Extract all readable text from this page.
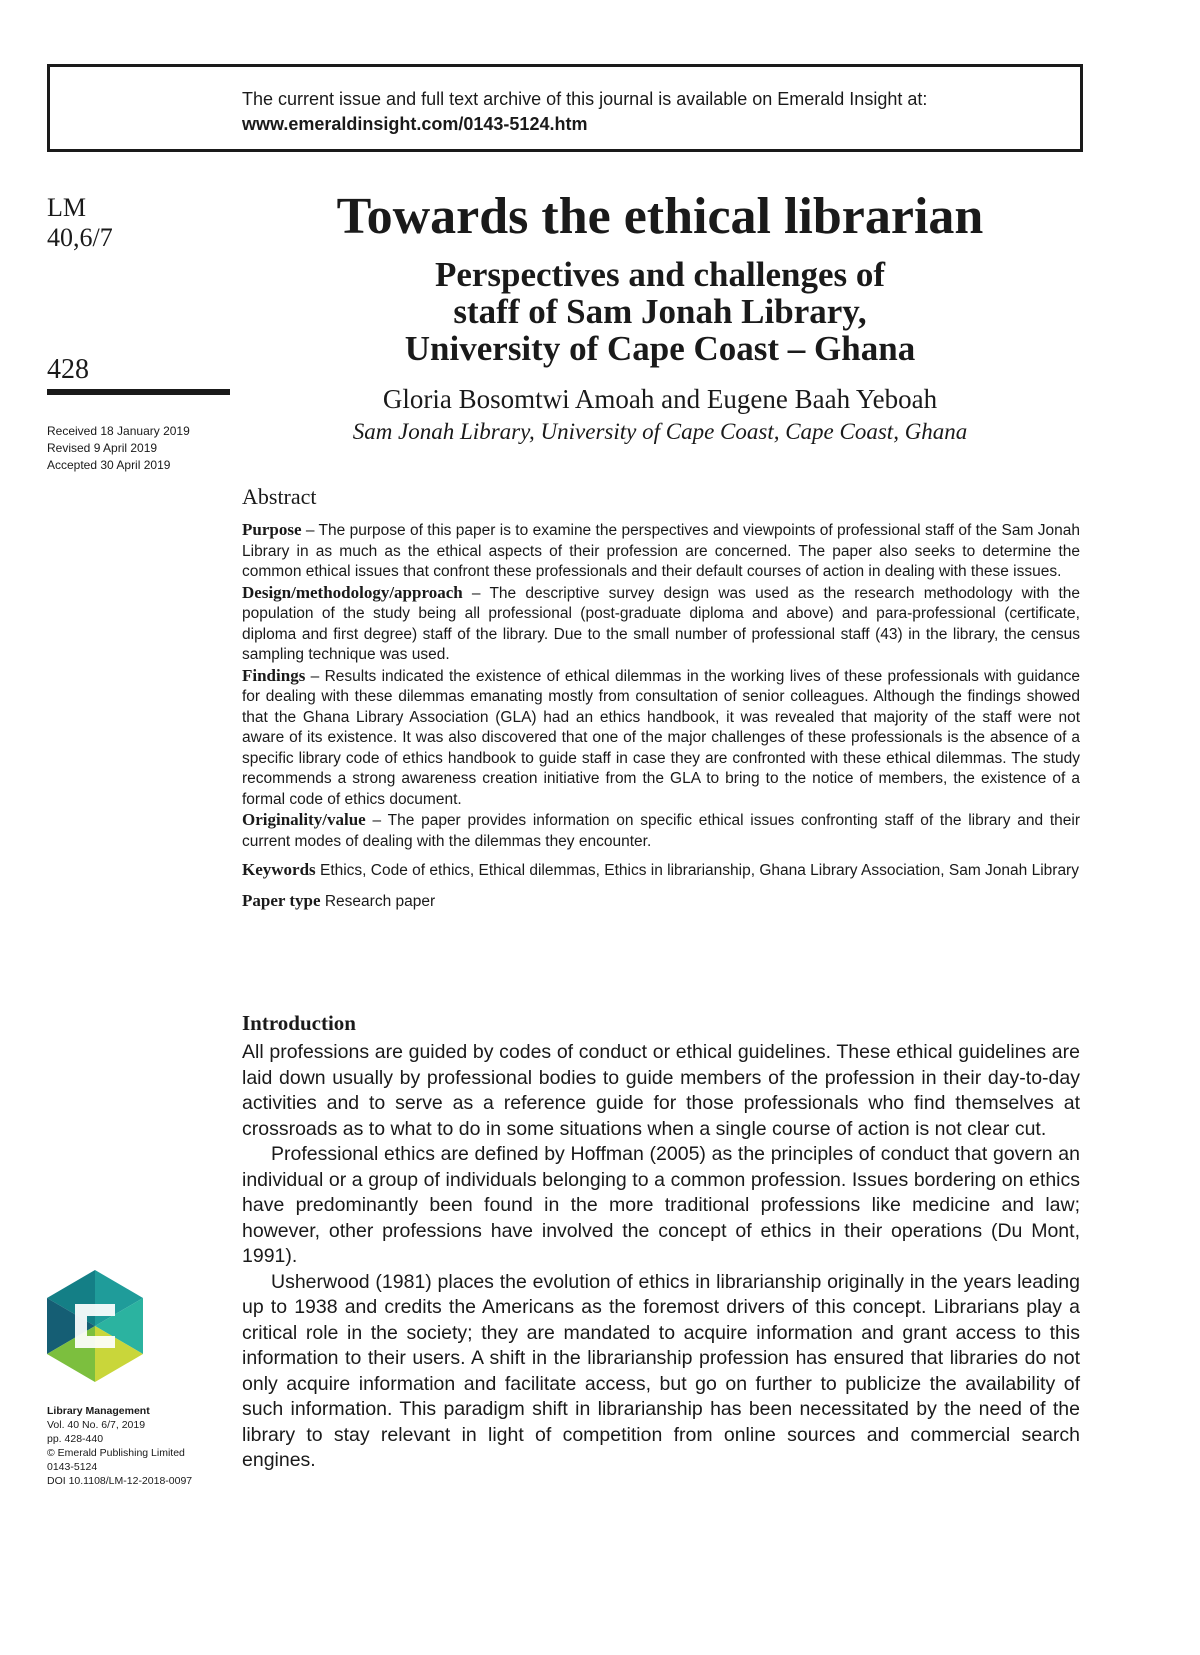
The current issue and full text archive of this journal is available on Emerald Insight at:
www.emeraldinsight.com/0143-5124.htm
LM
40,6/7
428
Received 18 January 2019
Revised 9 April 2019
Accepted 30 April 2019
Towards the ethical librarian
Perspectives and challenges of
staff of Sam Jonah Library,
University of Cape Coast – Ghana
Gloria Bosomtwi Amoah and Eugene Baah Yeboah
Sam Jonah Library, University of Cape Coast, Cape Coast, Ghana
Abstract

Purpose – The purpose of this paper is to examine the perspectives and viewpoints of professional staff of the Sam Jonah Library in as much as the ethical aspects of their profession are concerned. The paper also seeks to determine the common ethical issues that confront these professionals and their default courses of action in dealing with these issues.

Design/methodology/approach – The descriptive survey design was used as the research methodology with the population of the study being all professional (post-graduate diploma and above) and para-professional (certificate, diploma and first degree) staff of the library. Due to the small number of professional staff (43) in the library, the census sampling technique was used.

Findings – Results indicated the existence of ethical dilemmas in the working lives of these professionals with guidance for dealing with these dilemmas emanating mostly from consultation of senior colleagues. Although the findings showed that the Ghana Library Association (GLA) had an ethics handbook, it was revealed that majority of the staff were not aware of its existence. It was also discovered that one of the major challenges of these professionals is the absence of a specific library code of ethics handbook to guide staff in case they are confronted with these ethical dilemmas. The study recommends a strong awareness creation initiative from the GLA to bring to the notice of members, the existence of a formal code of ethics document.

Originality/value – The paper provides information on specific ethical issues confronting staff of the library and their current modes of dealing with the dilemmas they encounter.

Keywords Ethics, Code of ethics, Ethical dilemmas, Ethics in librarianship, Ghana Library Association, Sam Jonah Library

Paper type Research paper

Introduction

All professions are guided by codes of conduct or ethical guidelines. These ethical guidelines are laid down usually by professional bodies to guide members of the profession in their day-to-day activities and to serve as a reference guide for those professionals who find themselves at crossroads as to what to do in some situations when a single course of action is not clear cut.

Professional ethics are defined by Hoffman (2005) as the principles of conduct that govern an individual or a group of individuals belonging to a common profession. Issues bordering on ethics have predominantly been found in the more traditional professions like medicine and law; however, other professions have involved the concept of ethics in their operations (Du Mont, 1991).

Usherwood (1981) places the evolution of ethics in librarianship originally in the years leading up to 1938 and credits the Americans as the foremost drivers of this concept. Librarians play a critical role in the society; they are mandated to acquire information and grant access to this information to their users. A shift in the librarianship profession has ensured that libraries do not only acquire information and facilitate access, but go on further to publicize the availability of such information. This paradigm shift in librarianship has been necessitated by the need of the library to stay relevant in light of competition from online sources and commercial search engines.

Library Management
Vol. 40 No. 6/7, 2019
pp. 428-440
© Emerald Publishing Limited
0143-5124
DOI 10.1108/LM-12-2018-0097
